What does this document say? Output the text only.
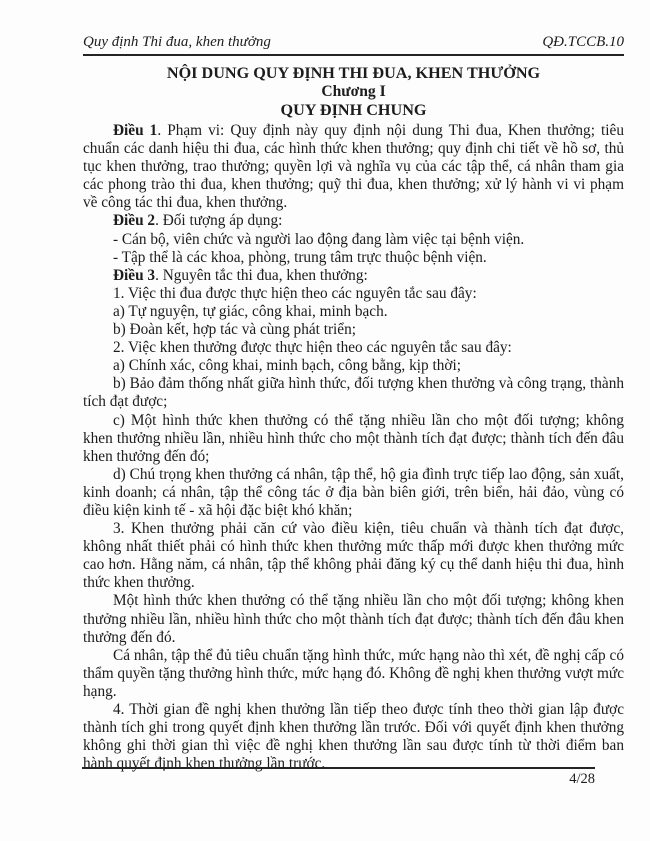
Quy định Thi đua, khen thưởng	QĐ.TCCB.10
NỘI DUNG QUY ĐỊNH THI ĐUA, KHEN THƯỞNG
Chương I
QUY ĐỊNH CHUNG

Điều 1. Phạm vi: Quy định này quy định nội dung Thi đua, Khen thưởng; tiêu chuẩn các danh hiệu thi đua, các hình thức khen thưởng; quy định chi tiết về hồ sơ, thủ tục khen thưởng, trao thưởng; quyền lợi và nghĩa vụ của các tập thể, cá nhân tham gia các phong trào thi đua, khen thưởng; quỹ thi đua, khen thưởng; xử lý hành vi vi phạm về công tác thi đua, khen thưởng.

Điều 2. Đối tượng áp dụng:

- Cán bộ, viên chức và người lao động đang làm việc tại bệnh viện.

- Tập thể là các khoa, phòng, trung tâm trực thuộc bệnh viện.

Điều 3. Nguyên tắc thi đua, khen thưởng:

1. Việc thi đua được thực hiện theo các nguyên tắc sau đây:

a) Tự nguyện, tự giác, công khai, minh bạch.

b) Đoàn kết, hợp tác và cùng phát triển;

2. Việc khen thưởng được thực hiện theo các nguyên tắc sau đây:

a) Chính xác, công khai, minh bạch, công bằng, kịp thời;

b) Bảo đảm thống nhất giữa hình thức, đối tượng khen thưởng và công trạng, thành tích đạt được;

c) Một hình thức khen thưởng có thể tặng nhiều lần cho một đối tượng; không khen thưởng nhiều lần, nhiều hình thức cho một thành tích đạt được; thành tích đến đâu khen thưởng đến đó;

d) Chú trọng khen thưởng cá nhân, tập thể, hộ gia đình trực tiếp lao động, sản xuất, kinh doanh; cá nhân, tập thể công tác ở địa bàn biên giới, trên biển, hải đảo, vùng có điều kiện kinh tế - xã hội đặc biệt khó khăn;

3. Khen thưởng phải căn cứ vào điều kiện, tiêu chuẩn và thành tích đạt được, không nhất thiết phải có hình thức khen thưởng mức thấp mới được khen thưởng mức cao hơn. Hằng năm, cá nhân, tập thể không phải đăng ký cụ thể danh hiệu thi đua, hình thức khen thưởng.

Một hình thức khen thưởng có thể tặng nhiều lần cho một đối tượng; không khen thưởng nhiều lần, nhiều hình thức cho một thành tích đạt được; thành tích đến đâu khen thưởng đến đó.

Cá nhân, tập thể đủ tiêu chuẩn tặng hình thức, mức hạng nào thì xét, đề nghị cấp có thẩm quyền tặng thưởng hình thức, mức hạng đó. Không đề nghị khen thưởng vượt mức hạng.

4. Thời gian đề nghị khen thưởng lần tiếp theo được tính theo thời gian lập được thành tích ghi trong quyết định khen thưởng lần trước. Đối với quyết định khen thưởng không ghi thời gian thì việc đề nghị khen thưởng lần sau được tính từ thời điểm ban hành quyết định khen thưởng lần trước.

4/28
